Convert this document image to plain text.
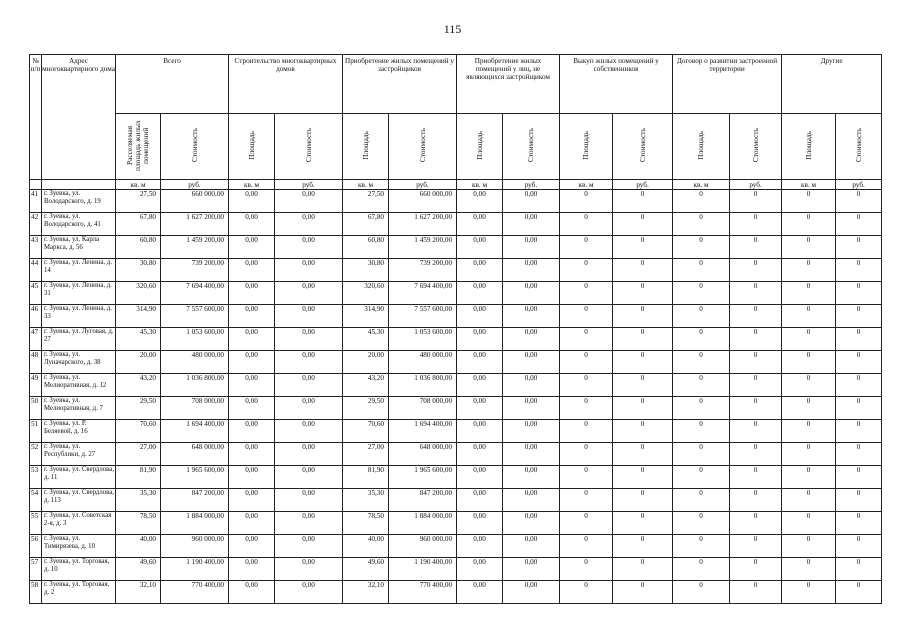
115
№ п/п	Адрес многоквартирного дома	Всего		Строительство многоквартирных домов		Приобретение жилых помещений у застройщиков		Приобретение жилых помещений у лиц, не являющихся застройщиком		Выкуп жилых помещений у собственников		Договор о развитии застроенной территории		Другие	
		Расселяемая площадь жилых помещений	Стоимость	Площадь	Стоимость	Площадь	Стоимость	Площадь	Стоимость	Площадь	Стоимость	Площадь	Стоимость	Площадь	Стоимость
		кв. м	руб.	кв. м	руб.	кв. м	руб.	кв. м	руб.	кв. м	руб.	кв. м	руб.	кв. м	руб.
41	г. Зуевка, ул. Володарского, д. 19	27,50	660 000,00	0,00	0,00	27,50	660 000,00	0,00	0,00	0	0	0	0	0	0
42	г. Зуевка, ул. Володарского, д. 41	67,80	1 627 200,00	0,00	0,00	67,80	1 627 200,00	0,00	0,00	0	0	0	0	0	0
43	г. Зуевка, ул. Карла Маркса, д. 56	60,80	1 459 200,00	0,00	0,00	60,80	1 459 200,00	0,00	0,00	0	0	0	0	0	0
44	г. Зуевка, ул. Ленина, д. 14	30,80	739 200,00	0,00	0,00	30,80	739 200,00	0,00	0,00	0	0	0	0	0	0
45	г. Зуевка, ул. Ленина, д. 31	320,60	7 694 400,00	0,00	0,00	320,60	7 694 400,00	0,00	0,00	0	0	0	0	0	0
46	г. Зуевка, ул. Ленина, д. 33	314,90	7 557 600,00	0,00	0,00	314,90	7 557 600,00	0,00	0,00	0	0	0	0	0	0
47	г. Зуевка, ул. Луговая, д. 27	45,30	1 053 600,00	0,00	0,00	45,30	1 053 600,00	0,00	0,00	0	0	0	0	0	0
48	г. Зуевка, ул. Луначарского, д. 38	20,00	480 000,00	0,00	0,00	20,00	480 000,00	0,00	0,00	0	0	0	0	0	0
49	г. Зуевка, ул. Мелиоративная, д. 12	43,20	1 036 800,00	0,00	0,00	43,20	1 036 800,00	0,00	0,00	0	0	0	0	0	0
50	г. Зуевка, ул. Мелиоративная, д. 7	29,50	708 000,00	0,00	0,00	29,50	708 000,00	0,00	0,00	0	0	0	0	0	0
51	г. Зуевка, ул. Р. Беляевой, д. 16	70,60	1 694 400,00	0,00	0,00	70,60	1 694 400,00	0,00	0,00	0	0	0	0	0	0
52	г. Зуевка, ул. Республики, д. 27	27,00	648 000,00	0,00	0,00	27,00	648 000,00	0,00	0,00	0	0	0	0	0	0
53	г. Зуевка, ул. Свердлова, д. 11	81,90	1 965 600,00	0,00	0,00	81,90	1 965 600,00	0,00	0,00	0	0	0	0	0	0
54	г. Зуевка, ул. Свердлова, д. 113	35,30	847 200,00	0,00	0,00	35,30	847 200,00	0,00	0,00	0	0	0	0	0	0
55	г. Зуевка, ул. Советская 2-я, д. 3	78,50	1 884 000,00	0,00	0,00	78,50	1 884 000,00	0,00	0,00	0	0	0	0	0	0
56	г. Зуевка, ул. Тимирязева, д. 10	40,00	960 000,00	0,00	0,00	40,00	960 000,00	0,00	0,00	0	0	0	0	0	0
57	г. Зуевка, ул. Торговая, д. 10	49,60	1 190 400,00	0,00	0,00	49,60	1 190 400,00	0,00	0,00	0	0	0	0	0	0
58	г. Зуевка, ул. Торговая, д. 2	32,10	770 400,00	0,00	0,00	32,10	770 400,00	0,00	0,00	0	0	0	0	0	0
